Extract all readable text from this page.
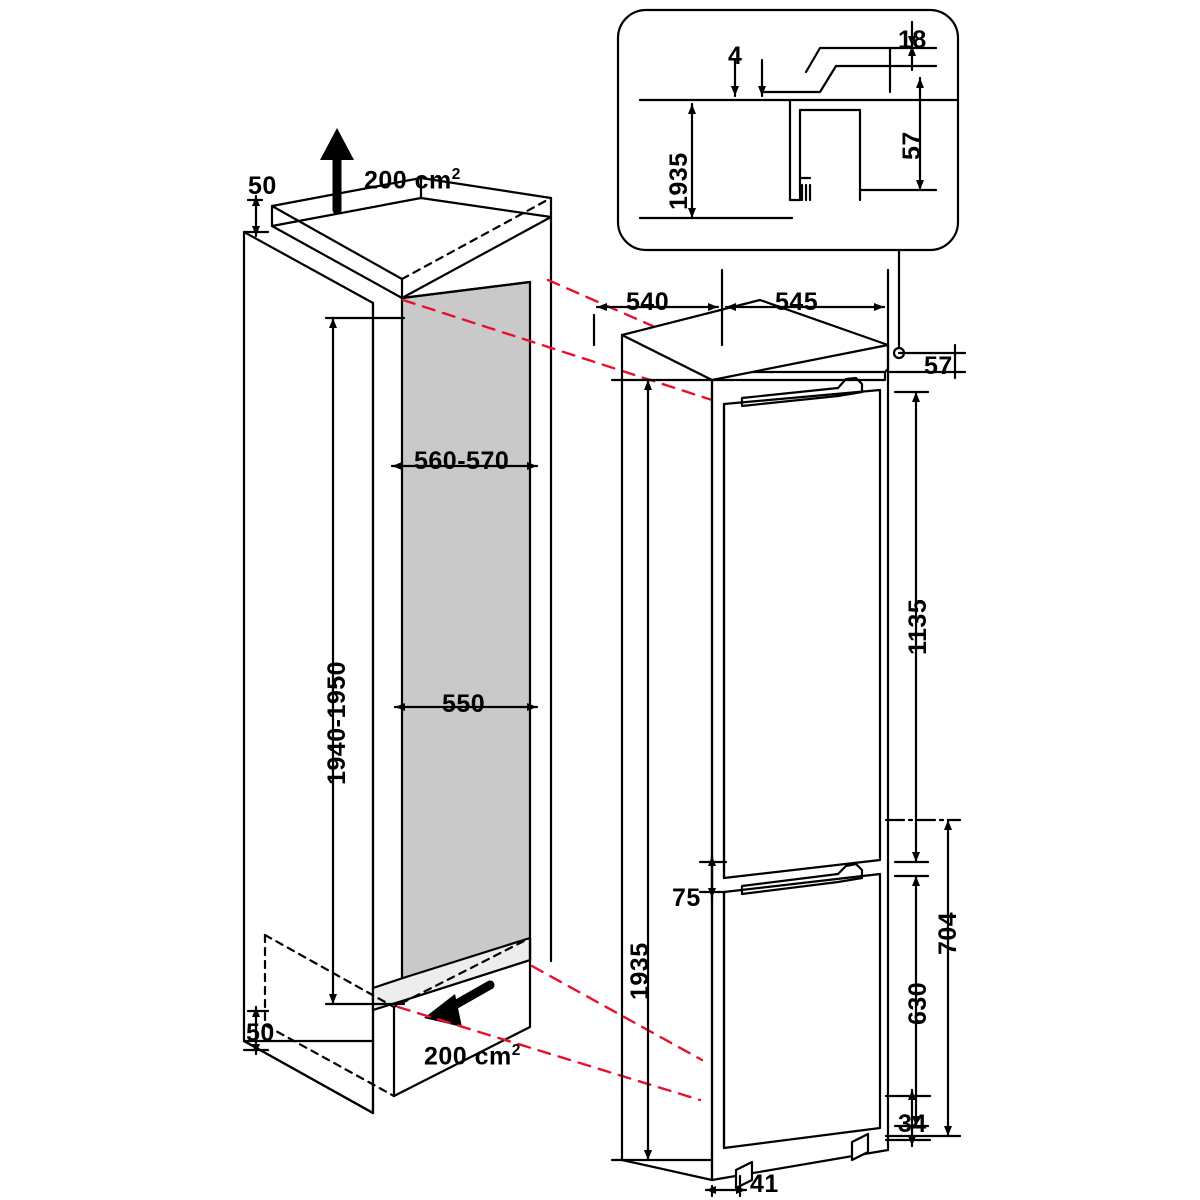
50	200 $cm^2$
560-570
550
1940-1950
50
200 $cm^2$
540	545
57
1135
75
1935
630
704
34
41
4
18
57
1935
